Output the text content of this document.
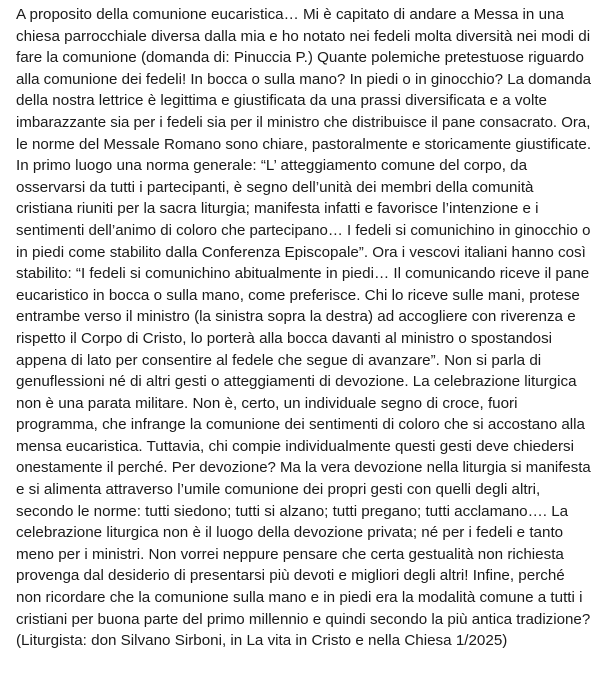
A proposito della comunione eucaristica… Mi è capitato di andare a Messa in una
chiesa parrocchiale diversa dalla mia e ho notato nei fedeli molta diversità nei modi di
fare la comunione (domanda di: Pinuccia P.) Quante polemiche pretestuose riguardo
alla comunione dei fedeli! In bocca o sulla mano? In piedi o in ginocchio? La domanda
della nostra lettrice è legittima e giustificata da una prassi diversificata e a volte
imbarazzante sia per i fedeli sia per il ministro che distribuisce il pane consacrato. Ora,
le norme del Messale Romano sono chiare, pastoralmente e storicamente giustificate.
In primo luogo una norma generale: “L’ atteggiamento comune del corpo, da
osservarsi da tutti i partecipanti, è segno dell’unità dei membri della comunità
cristiana riuniti per la sacra liturgia; manifesta infatti e favorisce l’intenzione e i
sentimenti dell’animo di coloro che partecipano… I fedeli si comunichino in ginocchio o
in piedi come stabilito dalla Conferenza Episcopale”. Ora i vescovi italiani hanno così
stabilito: “I fedeli si comunichino abitualmente in piedi… Il comunicando riceve il pane
eucaristico in bocca o sulla mano, come preferisce. Chi lo riceve sulle mani, protese
entrambe verso il ministro (la sinistra sopra la destra) ad accogliere con riverenza e
rispetto il Corpo di Cristo, lo porterà alla bocca davanti al ministro o spostandosi
appena di lato per consentire al fedele che segue di avanzare”. Non si parla di
genuflessioni né di altri gesti o atteggiamenti di devozione. La celebrazione liturgica
non è una parata militare. Non è, certo, un individuale segno di croce, fuori
programma, che infrange la comunione dei sentimenti di coloro che si accostano alla
mensa eucaristica. Tuttavia, chi compie individualmente questi gesti deve chiedersi
onestamente il perché. Per devozione? Ma la vera devozione nella liturgia si manifesta
e si alimenta attraverso l’umile comunione dei propri gesti con quelli degli altri,
secondo le norme: tutti siedono; tutti si alzano; tutti pregano; tutti acclamano…. La
celebrazione liturgica non è il luogo della devozione privata; né per i fedeli e tanto
meno per i ministri. Non vorrei neppure pensare che certa gestualità non richiesta
provenga dal desiderio di presentarsi più devoti e migliori degli altri! Infine, perché
non ricordare che la comunione sulla mano e in piedi era la modalità comune a tutti i
cristiani per buona parte del primo millennio e quindi secondo la più antica tradizione?
(Liturgista: don Silvano Sirboni, in La vita in Cristo e nella Chiesa 1/2025)
